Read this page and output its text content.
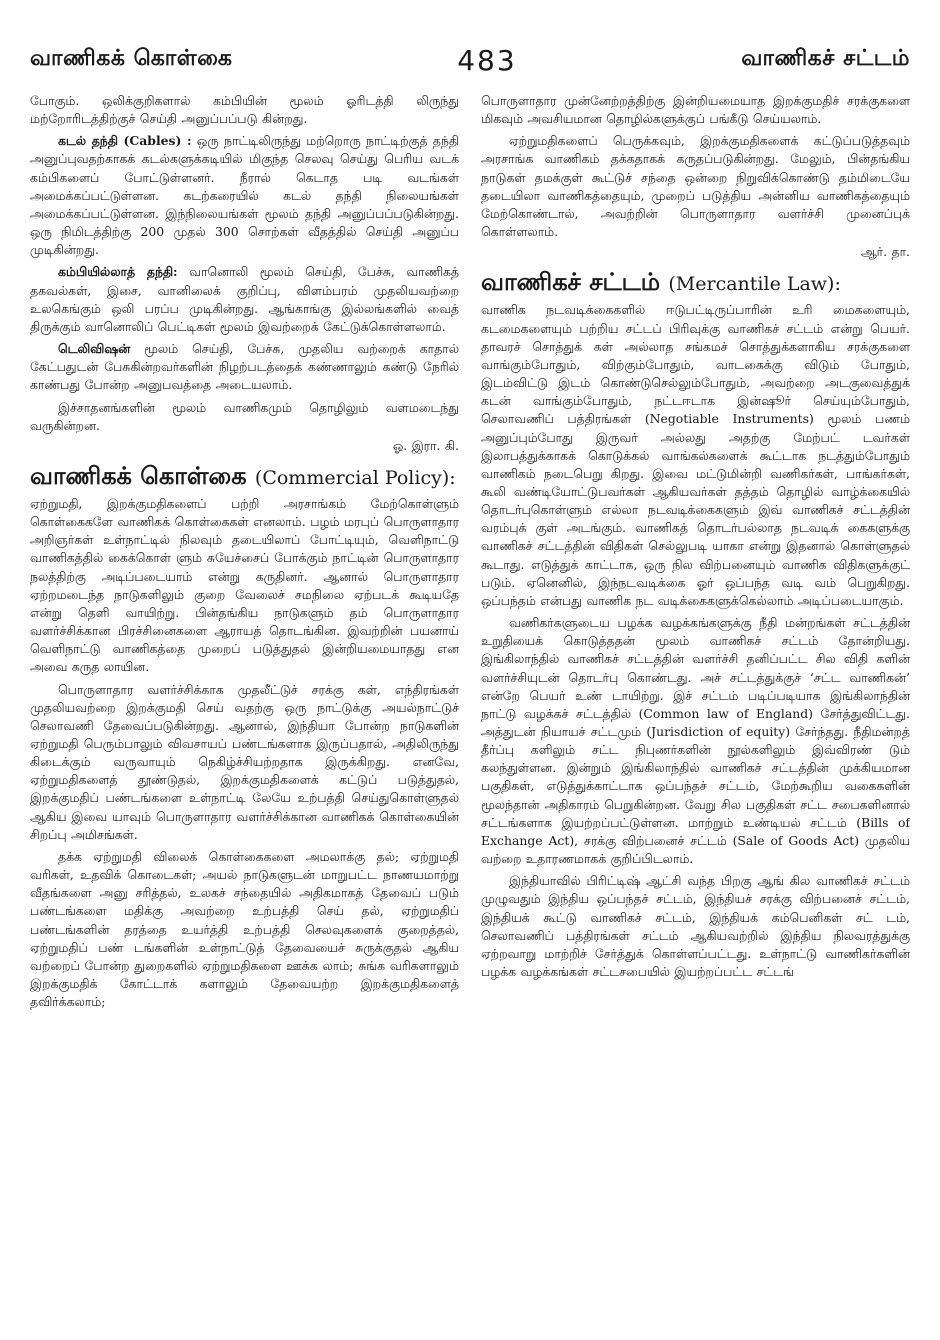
வாணிகக் கொள்கை	483	வாணிகச் சட்டம்

போகும். ஒலிக்குறிகளால் கம்பியின் மூலம் ஓரிடத்தி லிருந்து மற்றோரிடத்திற்குச் செய்தி அனுப்பப்படு கின்றது.

கடல் தந்தி (Cables) : ஒரு நாட்டிலிருந்து மற்றொரு நாட்டிற்குத் தந்தி அனுப்புவதற்காகக் கடல்களுக்கடியில் மிகுந்த செலவு செய்து பெரிய வடக் கம்பிகளைப் போட்டுள்ளனர். நீரால் கெடாத படி வடங்கள் அமைக்கப்பட்டுள்ளன. கடற்கரையில் கடல் தந்தி நிலையங்கள் அமைக்கப்பட்டுள்ளன. இந்நிலையங்கள் மூலம் தந்தி அனுப்பப்படுகின்றது. ஒரு நிமிடத்திற்கு 200 முதல் 300 சொற்கள் வீதத்தில் செய்தி அனுப்ப முடிகின்றது.

கம்பியில்லாத் தந்தி: வானொலி மூலம் செய்தி, பேச்சு, வாணிகத் தகவல்கள், இசை, வானிலைக் குறிப்பு, விளம்பரம் முதலியவற்றை உலகெங்கும் ஒலி பரப்ப முடிகின்றது. ஆங்காங்கு இல்லங்களில் வைத் திருக்கும் வானொலிப் பெட்டிகள் மூலம் இவற்றைக் கேட்டுக்கொள்ளலாம்.

டெலிவிஷன் மூலம் செய்தி, பேச்சு, முதலிய வற்றைக் காதால் கேட்பதுடன் பேசுகின்றவர்களின் நிழற்படத்தைக் கண்ணாலும் கண்டு நேரில் காண்பது போன்ற அனுபவத்தை அடையலாம்.

இச்சாதனங்களின் மூலம் வாணிகமும் தொழிலும் வளமடைந்து வருகின்றன.

ஓ. இரா. கி.

வாணிகக் கொள்கை (Commercial Policy):

ஏற்றுமதி, இறக்குமதிகளைப் பற்றி அரசாங்கம் மேற்கொள்ளும் கொள்கைகளே வாணிகக் கொள்கைகள் எனலாம். பழம் மரபுப் பொருளாதார அறிஞர்கள் உள்நாட்டில் நிலவும் தடையிலாப் போட்டியும், வெளிநாட்டு வாணிகத்தில் கைக்கொள் ளும் சுயேச்சைப் போக்கும் நாட்டின் பொருளாதார நலத்திற்கு அடிப்படையாம் என்று கருதினர். ஆனால் பொருளாதார ஏற்றமடைந்த நாடுகளிலும் குறை வேலைச் சமநிலை ஏற்படக் கூடியதே என்று தெளி வாயிற்று. பின்தங்கிய நாடுகளும் தம் பொருளாதார வளர்ச்சிக்கான பிரச்சினைகளை ஆராயத் தொடங்கின. இவற்றின் பயனாய் வெளிநாட்டு வாணிகத்தை முறைப் படுத்துதல் இன்றியமையாதது என அவை கருத லாயின.

பொருளாதார வளர்ச்சிக்காக முதலீட்டுச் சரக்கு கள், எந்திரங்கள் முதலியவற்றை இறக்குமதி செய் வதற்கு ஒரு நாட்டுக்கு அயல்நாட்டுச் செலாவணி தேவைப்படுகின்றது. ஆனால், இந்தியா போன்ற நாடுகளின் ஏற்றுமதி பெரும்பாலும் விவசாயப் பண்டங்களாக இருப்பதால், அதிலிருந்து கிடைக்கும் வருவாயும் நெகிழ்ச்சியற்றதாக இருக்கிறது. எனவே, ஏற்றுமதிகளைத் தூண்டுதல், இறக்குமதிகளைக் கட்டுப் படுத்துதல், இறக்குமதிப் பண்டங்களை உள்நாட்டி லேயே உற்பத்தி செய்துகொள்ளுதல் ஆகிய இவை யாவும் பொருளாதார வளர்ச்சிக்கான வாணிகக் கொள்கையின் சிறப்பு அமிசங்கள்.

தக்க ஏற்றுமதி விலைக் கொள்கைகளை அமலாக்கு தல்; ஏற்றுமதி வரிகள், உதவிக் கொடைகள்; அயல் நாடுகளுடன் மாறுபட்ட நாணயமாற்று வீதங்களை அனு சரித்தல், உலகச் சந்தையில் அதிகமாகத் தேவைப் படும் பண்டங்களை மதிக்கு அவற்றை உற்பத்தி செய் தல், ஏற்றுமதிப் பண்டங்களின் தரத்தை உயர்த்தி உற்பத்தி செலவுகளைக் குறைத்தல், ஏற்றுமதிப் பண் டங்களின் உள்நாட்டுத் தேவையைச் சுருக்குதல் ஆகிய வற்றைப் போன்ற துறைகளில் ஏற்றுமதிகளை ஊக்க லாம்; சுங்க வரிகளாலும் இறக்குமதிக் கோட்டாக் களாலும் தேவையற்ற இறக்குமதிகளைத் தவிர்க்கலாம்;

பொருளாதார முன்னேற்றத்திற்கு இன்றியமையாத இறக்குமதிச் சரக்குகளை மிகவும் அவசியமான தொழில்களுக்குப் பங்கீடு செய்யலாம்.

ஏற்றுமதிகளைப் பெருக்கவும், இறக்குமதிகளைக் கட்டுப்படுத்தவும் அரசாங்க வாணிகம் தக்கதாகக் கருதப்படுகின்றது. மேலும், பின்தங்கிய நாடுகள் தமக்குள் கூட்டுச் சந்தை ஒன்றை நிறுவிக்கொண்டு தம்மிடையே தடையிலா வாணிகத்தையும், முறைப் படுத்திய அன்னிய வாணிகத்தையும் மேற்கொண்டால், அவற்றின் பொருளாதார வளர்ச்சி முனைப்புக் கொள்ளலாம்.

ஆர். தா.

வாணிகச் சட்டம் (Mercantile Law):

வாணிக நடவடிக்கைகளில் ஈடுபட்டிருப்பாரின் உரி மைகளையும், கடமைகளையும் பற்றிய சட்டப் பிரிவுக்கு வாணிகச் சட்டம் என்று பெயர். தாவரச் சொத்துக் கள் அல்லாத சங்கமச் சொத்துக்களாகிய சரக்குகளை வாங்கும்போதும், விற்கும்போதும், வாடகைக்கு விடும் போதும், இடம்விட்டு இடம் கொண்டுசெல்லும்போதும், அவற்றை அடகுவைத்துக் கடன் வாங்கும்போதும், நட்டஈடாக இன்ஷூர் செய்யும்போதும், செலாவணிப் பத்திரங்கள் (Negotiable Instruments) மூலம் பணம் அனுப்பும்போது இருவர் அல்லது அதற்கு மேற்பட் டவர்கள் இலாபத்துக்காகக் கொடுக்கல் வாங்கல்களைக் கூட்டாக நடத்தும்போதும் வாணிகம் நடைபெறு கிறது. இவை மட்டுமின்றி வணிகர்கள், பாங்கர்கள், கூலி வண்டியோட்டுபவர்கள் ஆகியவர்கள் தத்தம் தொழில் வாழ்க்கையில் தொடர்புகொள்ளும் எல்லா நடவடிக்கைகளும் இவ் வாணிகச் சட்டத்தின் வரம்புக் குள் அடங்கும். வாணிகத் தொடர்பல்லாத நடவடிக் கைகளுக்கு வாணிகச் சட்டத்தின் விதிகள் செல்லுபடி யாகா என்று இதனால் கொள்ளுதல் கூடாது. எடுத்துக் காட்டாக, ஒரு நில விற்பனையும் வாணிக விதிகளுக்குட் படும். ஏனெனில், இந்நடவடிக்கை ஓர் ஒப்பந்த வடி வம் பெறுகிறது. ஒப்பந்தம் என்பது வாணிக நட வடிக்கைகளுக்கெல்லாம் அடிப்படையாகும்.

வணிகர்களுடைய பழக்க வழக்கங்களுக்கு நீதி மன்றங்கள் சட்டத்தின் உறுதியைக் கொடுத்ததன் மூலம் வாணிகச் சட்டம் தோன்றியது. இங்கிலாந்தில் வாணிகச் சட்டத்தின் வளர்ச்சி தனிப்பட்ட சில விதி களின் வளர்ச்சியுடன் தொடர்பு கொண்டது. அச் சட்டத்துக்குச் ‘சட்ட வாணிகன்’ என்றே பெயர் உண் டாயிற்று. இச் சட்டம் படிப்படியாக இங்கிலாந்தின் நாட்டு வழக்கச் சட்டத்தில் (Common law of England) சேர்த்துவிட்டது. அத்துடன் நியாயச் சட்டமும் (Jurisdiction of equity) சேர்ந்தது. நீதிமன்றத் தீர்ப்பு களிலும் சட்ட நிபுணர்களின் நூல்களிலும் இவ்விரண் டும் கலந்துள்ளன. இன்றும் இங்கிலாந்தில் வாணிகச் சட்டத்தின் முக்கியமான பகுதிகள், எடுத்துக்காட்டாக ஒப்பந்தச் சட்டம், மேற்கூறிய வகைகளின் மூலந்தான் அதிகாரம் பெறுகின்றன. வேறு சில பகுதிகள் சட்ட சபைகளினால் சட்டங்களாக இயற்றப்பட்டுள்ளன. மாற்றும் உண்டியல் சட்டம் (Bills of Exchange Act), சரக்கு விற்பனைச் சட்டம் (Sale of Goods Act) முதலிய வற்றை உதாரணமாகக் குறிப்பிடலாம்.

இந்தியாவில் பிரிட்டிஷ் ஆட்சி வந்த பிறகு ஆங் கில வாணிகச் சட்டம் முழுவதும் இந்திய ஒப்பந்தச் சட்டம், இந்தியச் சரக்கு விற்பனைச் சட்டம், இந்தியக் கூட்டு வாணிகச் சட்டம், இந்தியக் கம்பெனிகள் சட் டம், செலாவணிப் பத்திரங்கள் சட்டம் ஆகியவற்றில் இந்திய நிலவரத்துக்கு ஏற்றவாறு மாற்றிச் சேர்த்துக் கொள்ளப்பட்டது. உள்நாட்டு வாணிகர்களின் பழக்க வழக்கங்கள் சட்டசபையில் இயற்றப்பட்ட சட்டங்
